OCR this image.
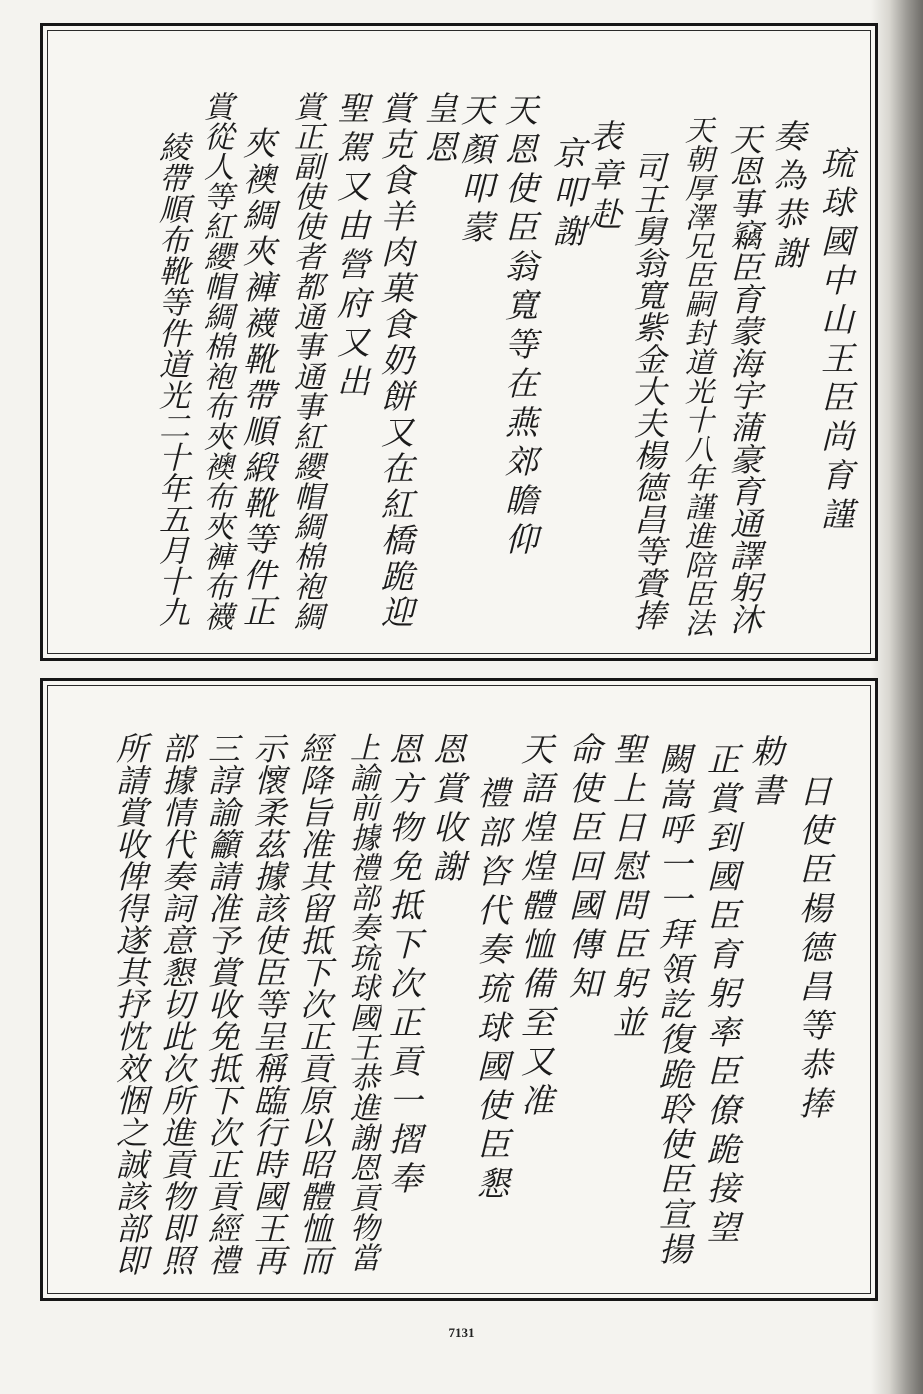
琉球國中山王臣尚育謹
奏為恭謝
天恩事竊臣育蒙海宇蒲豪育通譯躬沐
天朝厚澤兄臣嗣封道光十八年謹進陪臣法
司王舅翁寬紫金大夫楊德昌等賫捧
表章赴
京叩謝
天恩使臣翁寬等在燕郊瞻仰
天顏叩蒙
皇恩
賞克食羊肉菓食奶餅又在紅橋跪迎
聖駕又由營府又出
賞正副使使者都通事通事紅纓帽綢棉袍綢
夾襖綢夾褲襪靴帶順緞靴等件正
賞從人等紅纓帽綢棉袍布夾襖布夾褲布襪
綾帶順布靴等件道光二十年五月十九
日使臣楊德昌等恭捧
勅書
正賞到國臣育躬率臣僚跪接望
闕嵩呼一一拜領訖復跪聆使臣宣揚
聖上日慰問臣躬並
命使臣回國傳知
天語煌煌體恤備至又准
禮部咨代奏琉球國使臣懇
恩賞收謝
恩方物免抵下次正貢一摺奉
上諭前據禮部奏琉球國王恭進謝恩貢物當
經降旨准其留抵下次正貢原以昭體恤而
示懷柔茲據該使臣等呈稱臨行時國王再
三諄諭籲請准予賞收免抵下次正貢經禮
部據情代奏詞意懇切此次所進貢物即照
所請賞收俾得遂其抒忱效悃之誠該部即
7131
